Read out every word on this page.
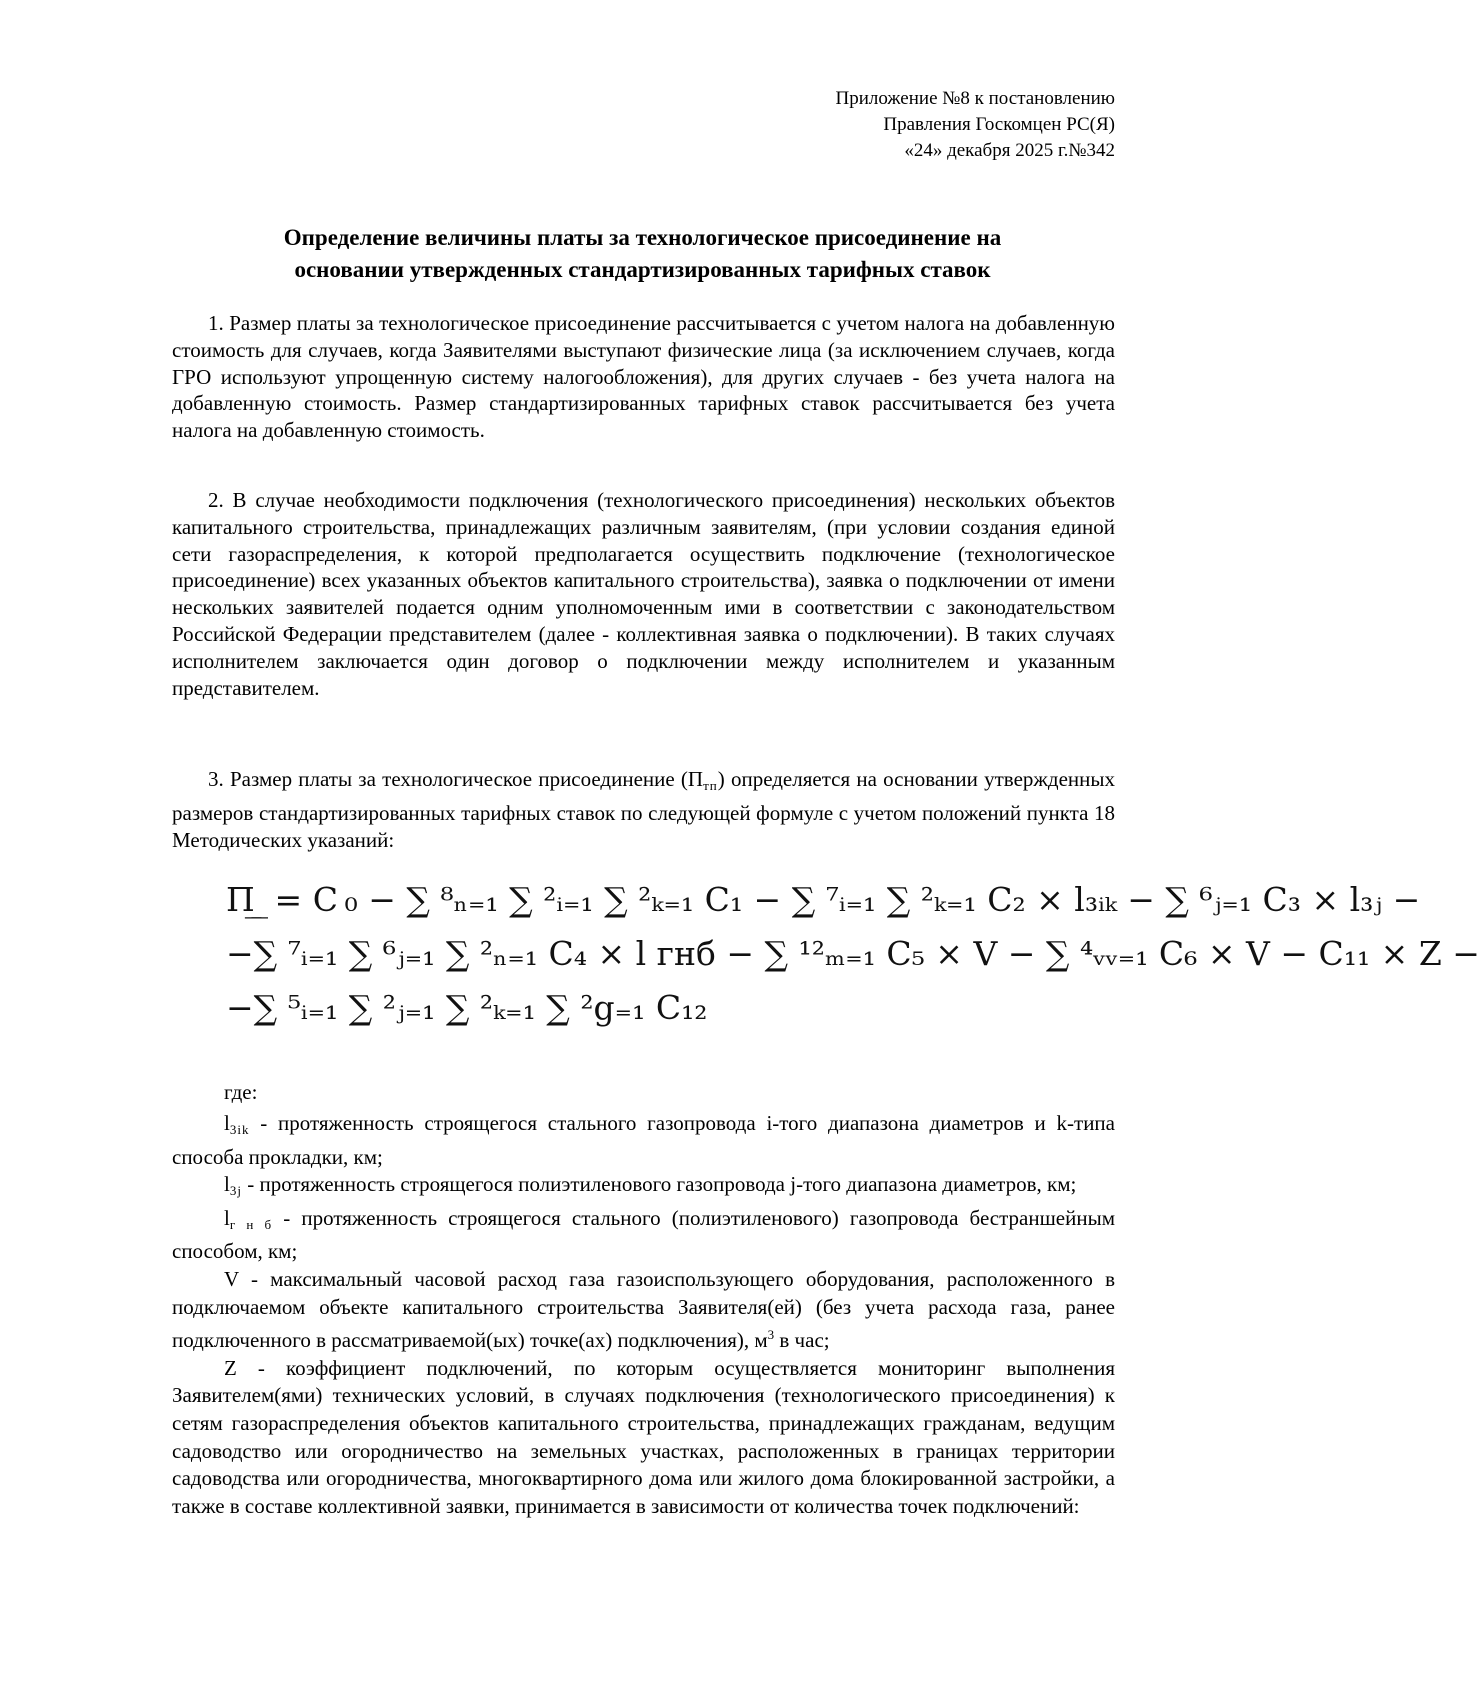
Приложение №8 к постановлению
Правления Госкомцен РС(Я)
«24» декабря 2025 г.№342
Определение величины платы за технологическое присоединение на
основании утвержденных стандартизированных тарифных ставок
1. Размер платы за технологическое присоединение рассчитывается с учетом налога на добавленную стоимость для случаев, когда Заявителями выступают физические лица (за исключением случаев, когда ГРО используют упрощенную систему налогообложения), для других случаев - без учета налога на добавленную стоимость. Размер стандартизированных тарифных ставок рассчитывается без учета налога на добавленную стоимость.
2. В случае необходимости подключения (технологического присоединения) нескольких объектов капитального строительства, принадлежащих различным заявителям, (при условии создания единой сети газораспределения, к которой предполагается осуществить подключение (технологическое присоединение) всех указанных объектов капитального строительства), заявка о подключении от имени нескольких заявителей подается одним уполномоченным ими в соответствии с законодательством Российской Федерации представителем (далее - коллективная заявка о подключении). В таких случаях исполнителем заключается один договор о подключении между исполнителем и указанным представителем.
3. Размер платы за технологическое присоединение $(П_{тп})$ определяется на основании утвержденных размеров стандартизированных тарифных ставок по следующей формуле с учетом положений пункта 18 Методических указаний:
П ̲ ̲ = C ₀ − ∑ ⁸ₙ₌₁ ∑ ²ᵢ₌₁ ∑ ²ₖ₌₁ C₁ − ∑ ⁷ᵢ₌₁ ∑ ²ₖ₌₁ C₂ × l₃ᵢₖ − ∑ ⁶ⱼ₌₁ C₃ × l₃ⱼ −
−∑ ⁷ᵢ₌₁ ∑ ⁶ⱼ₌₁ ∑ ²ₙ₌₁ C₄ × l гнб − ∑ ¹²ₘ₌₁ C₅ × V − ∑ ⁴ᵥᵥ₌₁ C₆ × V − C₁₁ × Z −
−∑ ⁵ᵢ₌₁ ∑ ²ⱼ₌₁ ∑ ²ₖ₌₁ ∑ ²g₌₁ C₁₂
где:

$l_{3ik}$ - протяженность строящегося стального газопровода i-того диапазона диаметров и k-типа способа прокладки, км;

$l_{3j}$ - протяженность строящегося полиэтиленового газопровода j-того диапазона диаметров, км;

$l_{г н б}$ - протяженность строящегося стального (полиэтиленового) газопровода бестраншейным способом, км;

V - максимальный часовой расход газа газоиспользующего оборудования, расположенного в подключаемом объекте капитального строительства Заявителя(ей) (без учета расхода газа, ранее подключенного в рассматриваемой(ых) точке(ах) подключения), $м^3$ в час;

Z - коэффициент подключений, по которым осуществляется мониторинг выполнения Заявителем(ями) технических условий, в случаях подключения (технологического присоединения) к сетям газораспределения объектов капитального строительства, принадлежащих гражданам, ведущим садоводство или огородничество на земельных участках, расположенных в границах территории садоводства или огородничества, многоквартирного дома или жилого дома блокированной застройки, а также в составе коллективной заявки, принимается в зависимости от количества точек подключений:
